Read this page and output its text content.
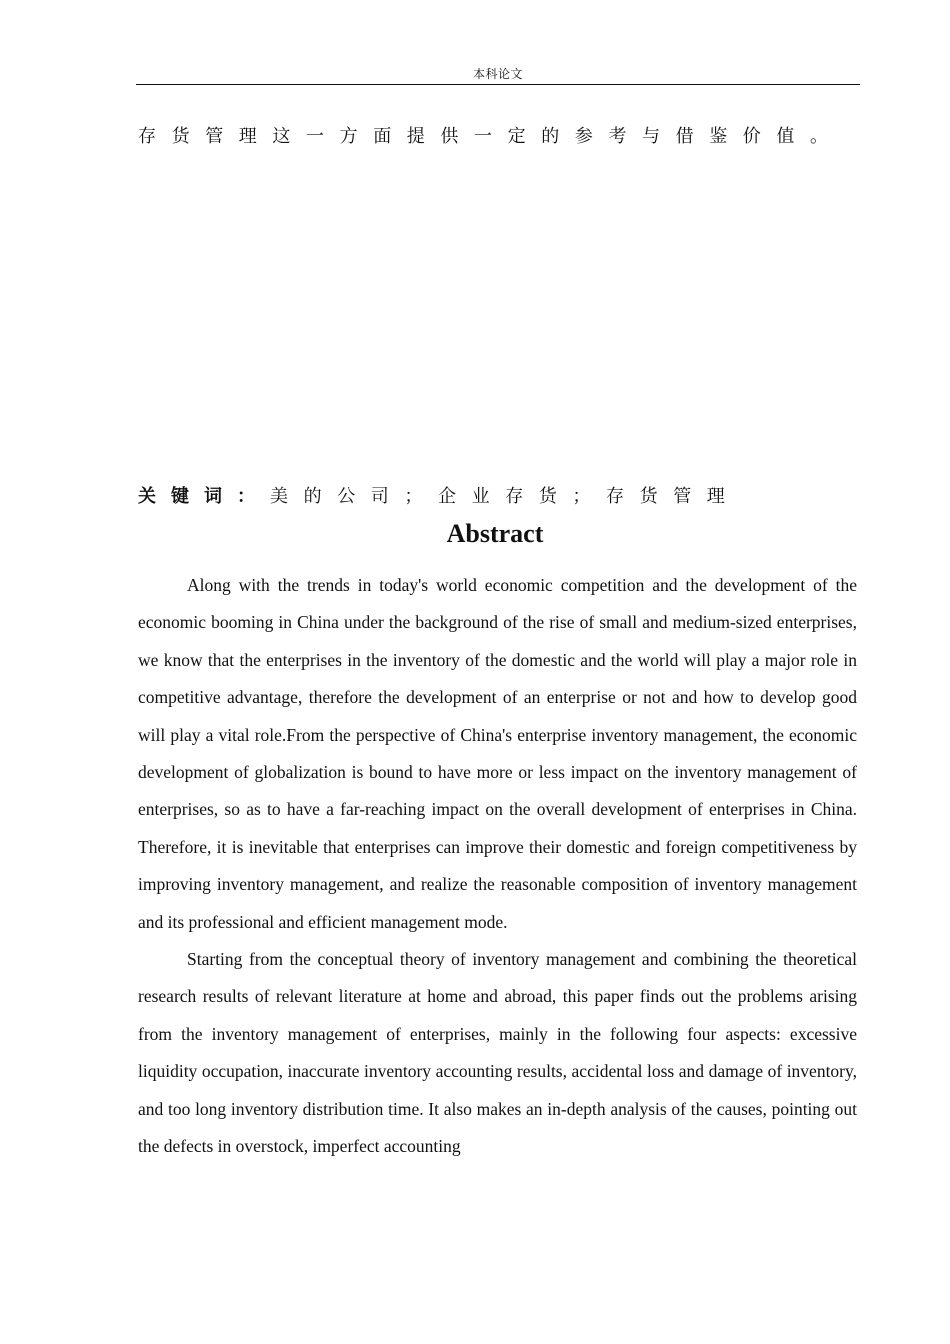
本科论文
存货管理这一方面提供一定的参考与借鉴价值。
关键词：美的公司；企业存货；存货管理
Abstract

Along with the trends in today's world economic competition and the development of the economic booming in China under the background of the rise of small and medium-sized enterprises, we know that the enterprises in the inventory of the domestic and the world will play a major role in competitive advantage, therefore the development of an enterprise or not and how to develop good will play a vital role.From the perspective of China's enterprise inventory management, the economic development of globalization is bound to have more or less impact on the inventory management of enterprises, so as to have a far-reaching impact on the overall development of enterprises in China. Therefore, it is inevitable that enterprises can improve their domestic and foreign competitiveness by improving inventory management, and realize the reasonable composition of inventory management and its professional and efficient management mode.

Starting from the conceptual theory of inventory management and combining the theoretical research results of relevant literature at home and abroad, this paper finds out the problems arising from the inventory management of enterprises, mainly in the following four aspects: excessive liquidity occupation, inaccurate inventory accounting results, accidental loss and damage of inventory, and too long inventory distribution time. It also makes an in-depth analysis of the causes, pointing out the defects in overstock, imperfect accounting
